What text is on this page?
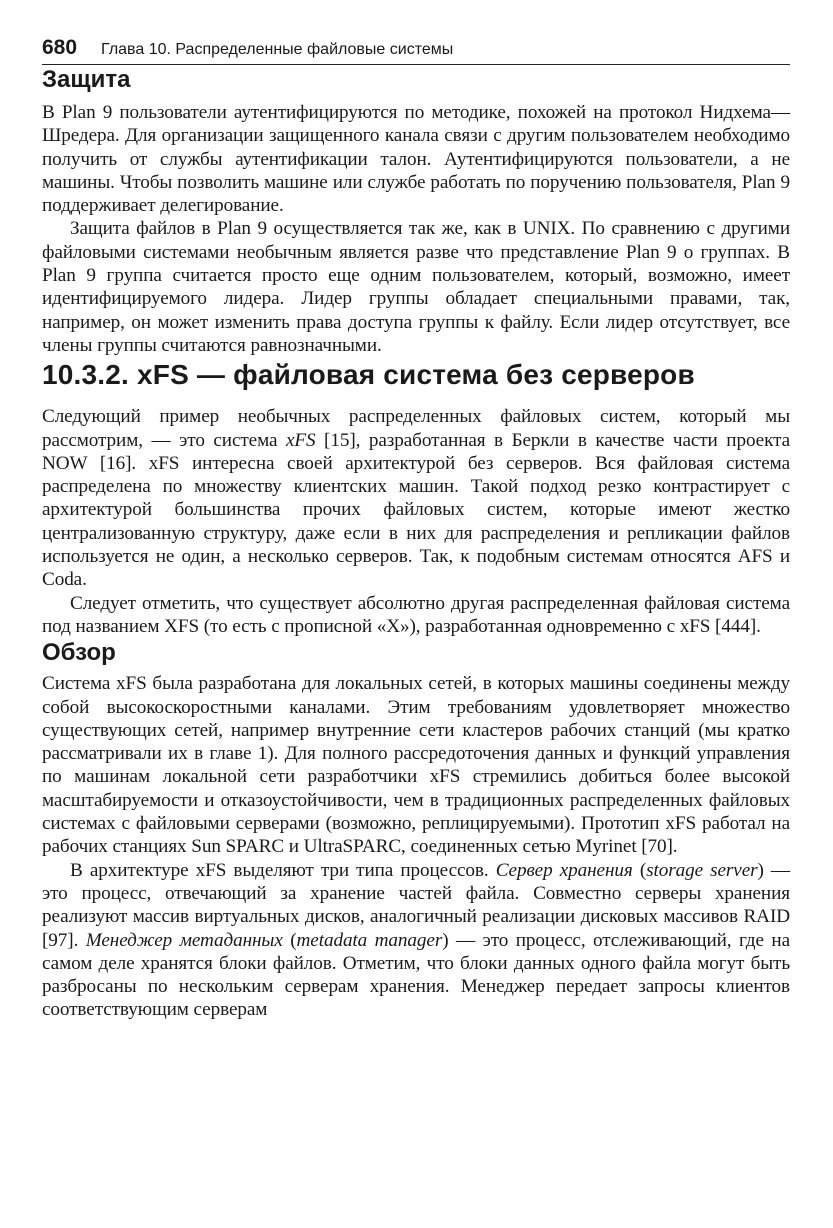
680 Глава 10. Распределенные файловые системы
Защита

В Plan 9 пользователи аутентифицируются по методике, похожей на протокол Нидхема—Шредера. Для организации защищенного канала связи с другим пользователем необходимо получить от службы аутентификации талон. Аутентифицируются пользователи, а не машины. Чтобы позволить машине или службе работать по поручению пользователя, Plan 9 поддерживает делегирование.

Защита файлов в Plan 9 осуществляется так же, как в UNIX. По сравнению с другими файловыми системами необычным является разве что представление Plan 9 о группах. В Plan 9 группа считается просто еще одним пользователем, который, возможно, имеет идентифицируемого лидера. Лидер группы обладает специальными правами, так, например, он может изменить права доступа группы к файлу. Если лидер отсутствует, все члены группы считаются равнозначными.

10.3.2. xFS — файловая система без серверов

Следующий пример необычных распределенных файловых систем, который мы рассмотрим, — это система xFS [15], разработанная в Беркли в качестве части проекта NOW [16]. xFS интересна своей архитектурой без серверов. Вся файловая система распределена по множеству клиентских машин. Такой подход резко контрастирует с архитектурой большинства прочих файловых систем, которые имеют жестко централизованную структуру, даже если в них для распределения и репликации файлов используется не один, а несколько серверов. Так, к подобным системам относятся AFS и Coda.

Следует отметить, что существует абсолютно другая распределенная файловая система под названием XFS (то есть с прописной «X»), разработанная одновременно с xFS [444].

Обзор

Система xFS была разработана для локальных сетей, в которых машины соединены между собой высокоскоростными каналами. Этим требованиям удовлетворяет множество существующих сетей, например внутренние сети кластеров рабочих станций (мы кратко рассматривали их в главе 1). Для полного рассредоточения данных и функций управления по машинам локальной сети разработчики xFS стремились добиться более высокой масштабируемости и отказоустойчивости, чем в традиционных распределенных файловых системах с файловыми серверами (возможно, реплицируемыми). Прототип xFS работал на рабочих станциях Sun SPARC и UltraSPARC, соединенных сетью Myrinet [70].

В архитектуре xFS выделяют три типа процессов. Сервер хранения (storage server) — это процесс, отвечающий за хранение частей файла. Совместно серверы хранения реализуют массив виртуальных дисков, аналогичный реализации дисковых массивов RAID [97]. Менеджер метаданных (metadata manager) — это процесс, отслеживающий, где на самом деле хранятся блоки файлов. Отметим, что блоки данных одного файла могут быть разбросаны по нескольким серверам хранения. Менеджер передает запросы клиентов соответствующим серверам
